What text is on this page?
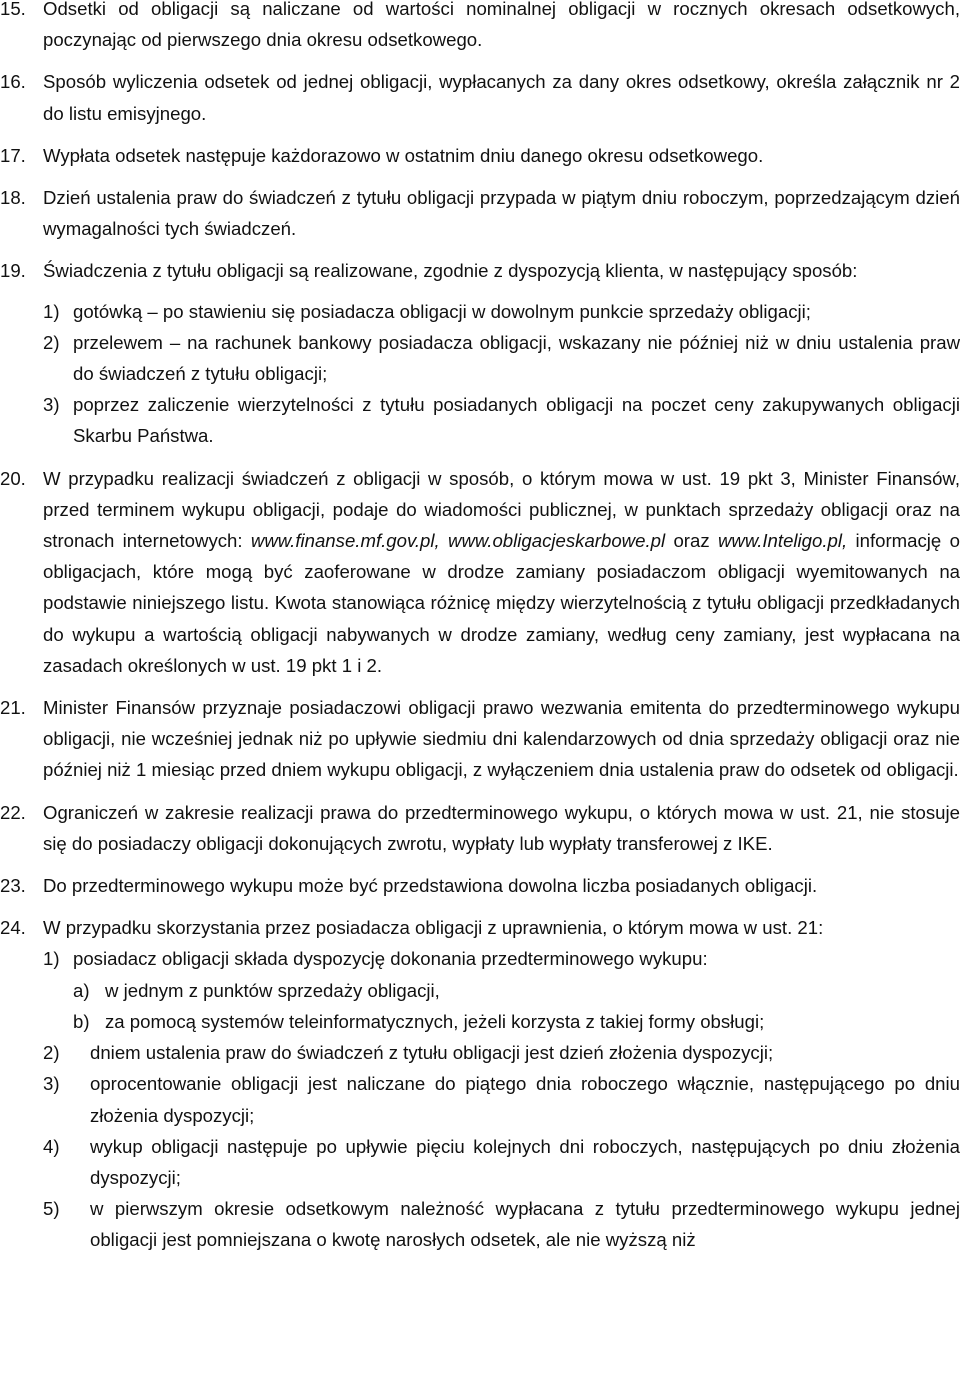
15. Odsetki od obligacji są naliczane od wartości nominalnej obligacji w rocznych okresach odsetkowych, poczynając od pierwszego dnia okresu odsetkowego.
16. Sposób wyliczenia odsetek od jednej obligacji, wypłacanych za dany okres odsetkowy, określa załącznik nr 2 do listu emisyjnego.
17. Wypłata odsetek następuje każdorazowo w ostatnim dniu danego okresu odsetkowego.
18. Dzień ustalenia praw do świadczeń z tytułu obligacji przypada w piątym dniu roboczym, poprzedzającym dzień wymagalności tych świadczeń.
19. Świadczenia z tytułu obligacji są realizowane, zgodnie z dyspozycją klienta, w następujący sposób:
1) gotówką – po stawieniu się posiadacza obligacji w dowolnym punkcie sprzedaży obligacji;
2) przelewem – na rachunek bankowy posiadacza obligacji, wskazany nie później niż w dniu ustalenia praw do świadczeń z tytułu obligacji;
3) poprzez zaliczenie wierzytelności z tytułu posiadanych obligacji na poczet ceny zakupywanych obligacji Skarbu Państwa.
20. W przypadku realizacji świadczeń z obligacji w sposób, o którym mowa w ust. 19 pkt 3, Minister Finansów, przed terminem wykupu obligacji, podaje do wiadomości publicznej, w punktach sprzedaży obligacji oraz na stronach internetowych: www.finanse.mf.gov.pl, www.obligacjeskarbowe.pl oraz www.Inteligo.pl, informację o obligacjach, które mogą być zaoferowane w drodze zamiany posiadaczom obligacji wyemitowanych na podstawie niniejszego listu. Kwota stanowiąca różnicę między wierzytelnością z tytułu obligacji przedkładanych do wykupu a wartością obligacji nabywanych w drodze zamiany, według ceny zamiany, jest wypłacana na zasadach określonych w ust. 19 pkt 1 i 2.
21. Minister Finansów przyznaje posiadaczowi obligacji prawo wezwania emitenta do przedterminowego wykupu obligacji, nie wcześniej jednak niż po upływie siedmiu dni kalendarzowych od dnia sprzedaży obligacji oraz nie później niż 1 miesiąc przed dniem wykupu obligacji, z wyłączeniem dnia ustalenia praw do odsetek od obligacji.
22. Ograniczeń w zakresie realizacji prawa do przedterminowego wykupu, o których mowa w ust. 21, nie stosuje się do posiadaczy obligacji dokonujących zwrotu, wypłaty lub wypłaty transferowej z IKE.
23. Do przedterminowego wykupu może być przedstawiona dowolna liczba posiadanych obligacji.
24. W przypadku skorzystania przez posiadacza obligacji z uprawnienia, o którym mowa w ust. 21:
1) posiadacz obligacji składa dyspozycję dokonania przedterminowego wykupu:
a) w jednym z punktów sprzedaży obligacji,
b) za pomocą systemów teleinformatycznych, jeżeli korzysta z takiej formy obsługi;
2)	dniem ustalenia praw do świadczeń z tytułu obligacji jest dzień złożenia dyspozycji;
3)	oprocentowanie obligacji jest naliczane do piątego dnia roboczego włącznie, następującego po dniu złożenia dyspozycji;
4)	wykup obligacji następuje po upływie pięciu kolejnych dni roboczych, następujących po dniu złożenia dyspozycji;
5)	w pierwszym okresie odsetkowym należność wypłacana z tytułu przedterminowego wykupu jednej obligacji jest pomniejszana o kwotę narosłych odsetek, ale nie wyższą niż
